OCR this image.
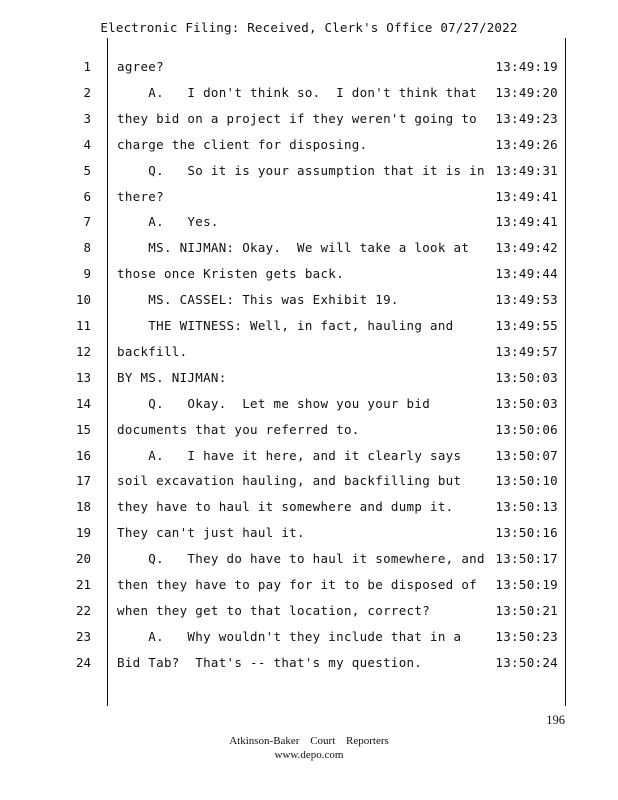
Electronic Filing: Received, Clerk's Office 07/27/2022
1 agree?	13:49:19
2 A.   I don't think so.  I don't think that 13:49:20
3 they bid on a project if they weren't going to 13:49:23
4 charge the client for disposing.	13:49:26
5 Q.   So it is your assumption that it is in 13:49:31
6 there?	13:49:41
7 A.   Yes.	13:49:41
8 MS. NIJMAN: Okay.  We will take a look at	13:49:42
9 those once Kristen gets back.	13:49:44
10 MS. CASSEL: This was Exhibit 19.	13:49:53
11 THE WITNESS: Well, in fact, hauling and	13:49:55
12 backfill.	13:49:57
13 BY MS. NIJMAN:	13:50:03
14 Q.   Okay.  Let me show you your bid	13:50:03
15 documents that you referred to.	13:50:06
16 A.   I have it here, and it clearly says	13:50:07
17 soil excavation hauling, and backfilling but	13:50:10
18 they have to haul it somewhere and dump it.	13:50:13
19 They can't just haul it.	13:50:16
20 Q.   They do have to haul it somewhere, and 13:50:17
21 then they have to pay for it to be disposed of 13:50:19
22 when they get to that location, correct?	13:50:21
23 A.   Why wouldn't they include that in a	13:50:23
24 Bid Tab?  That's -- that's my question.	13:50:24
196
Atkinson-Baker Court Reporters
www.depo.com
